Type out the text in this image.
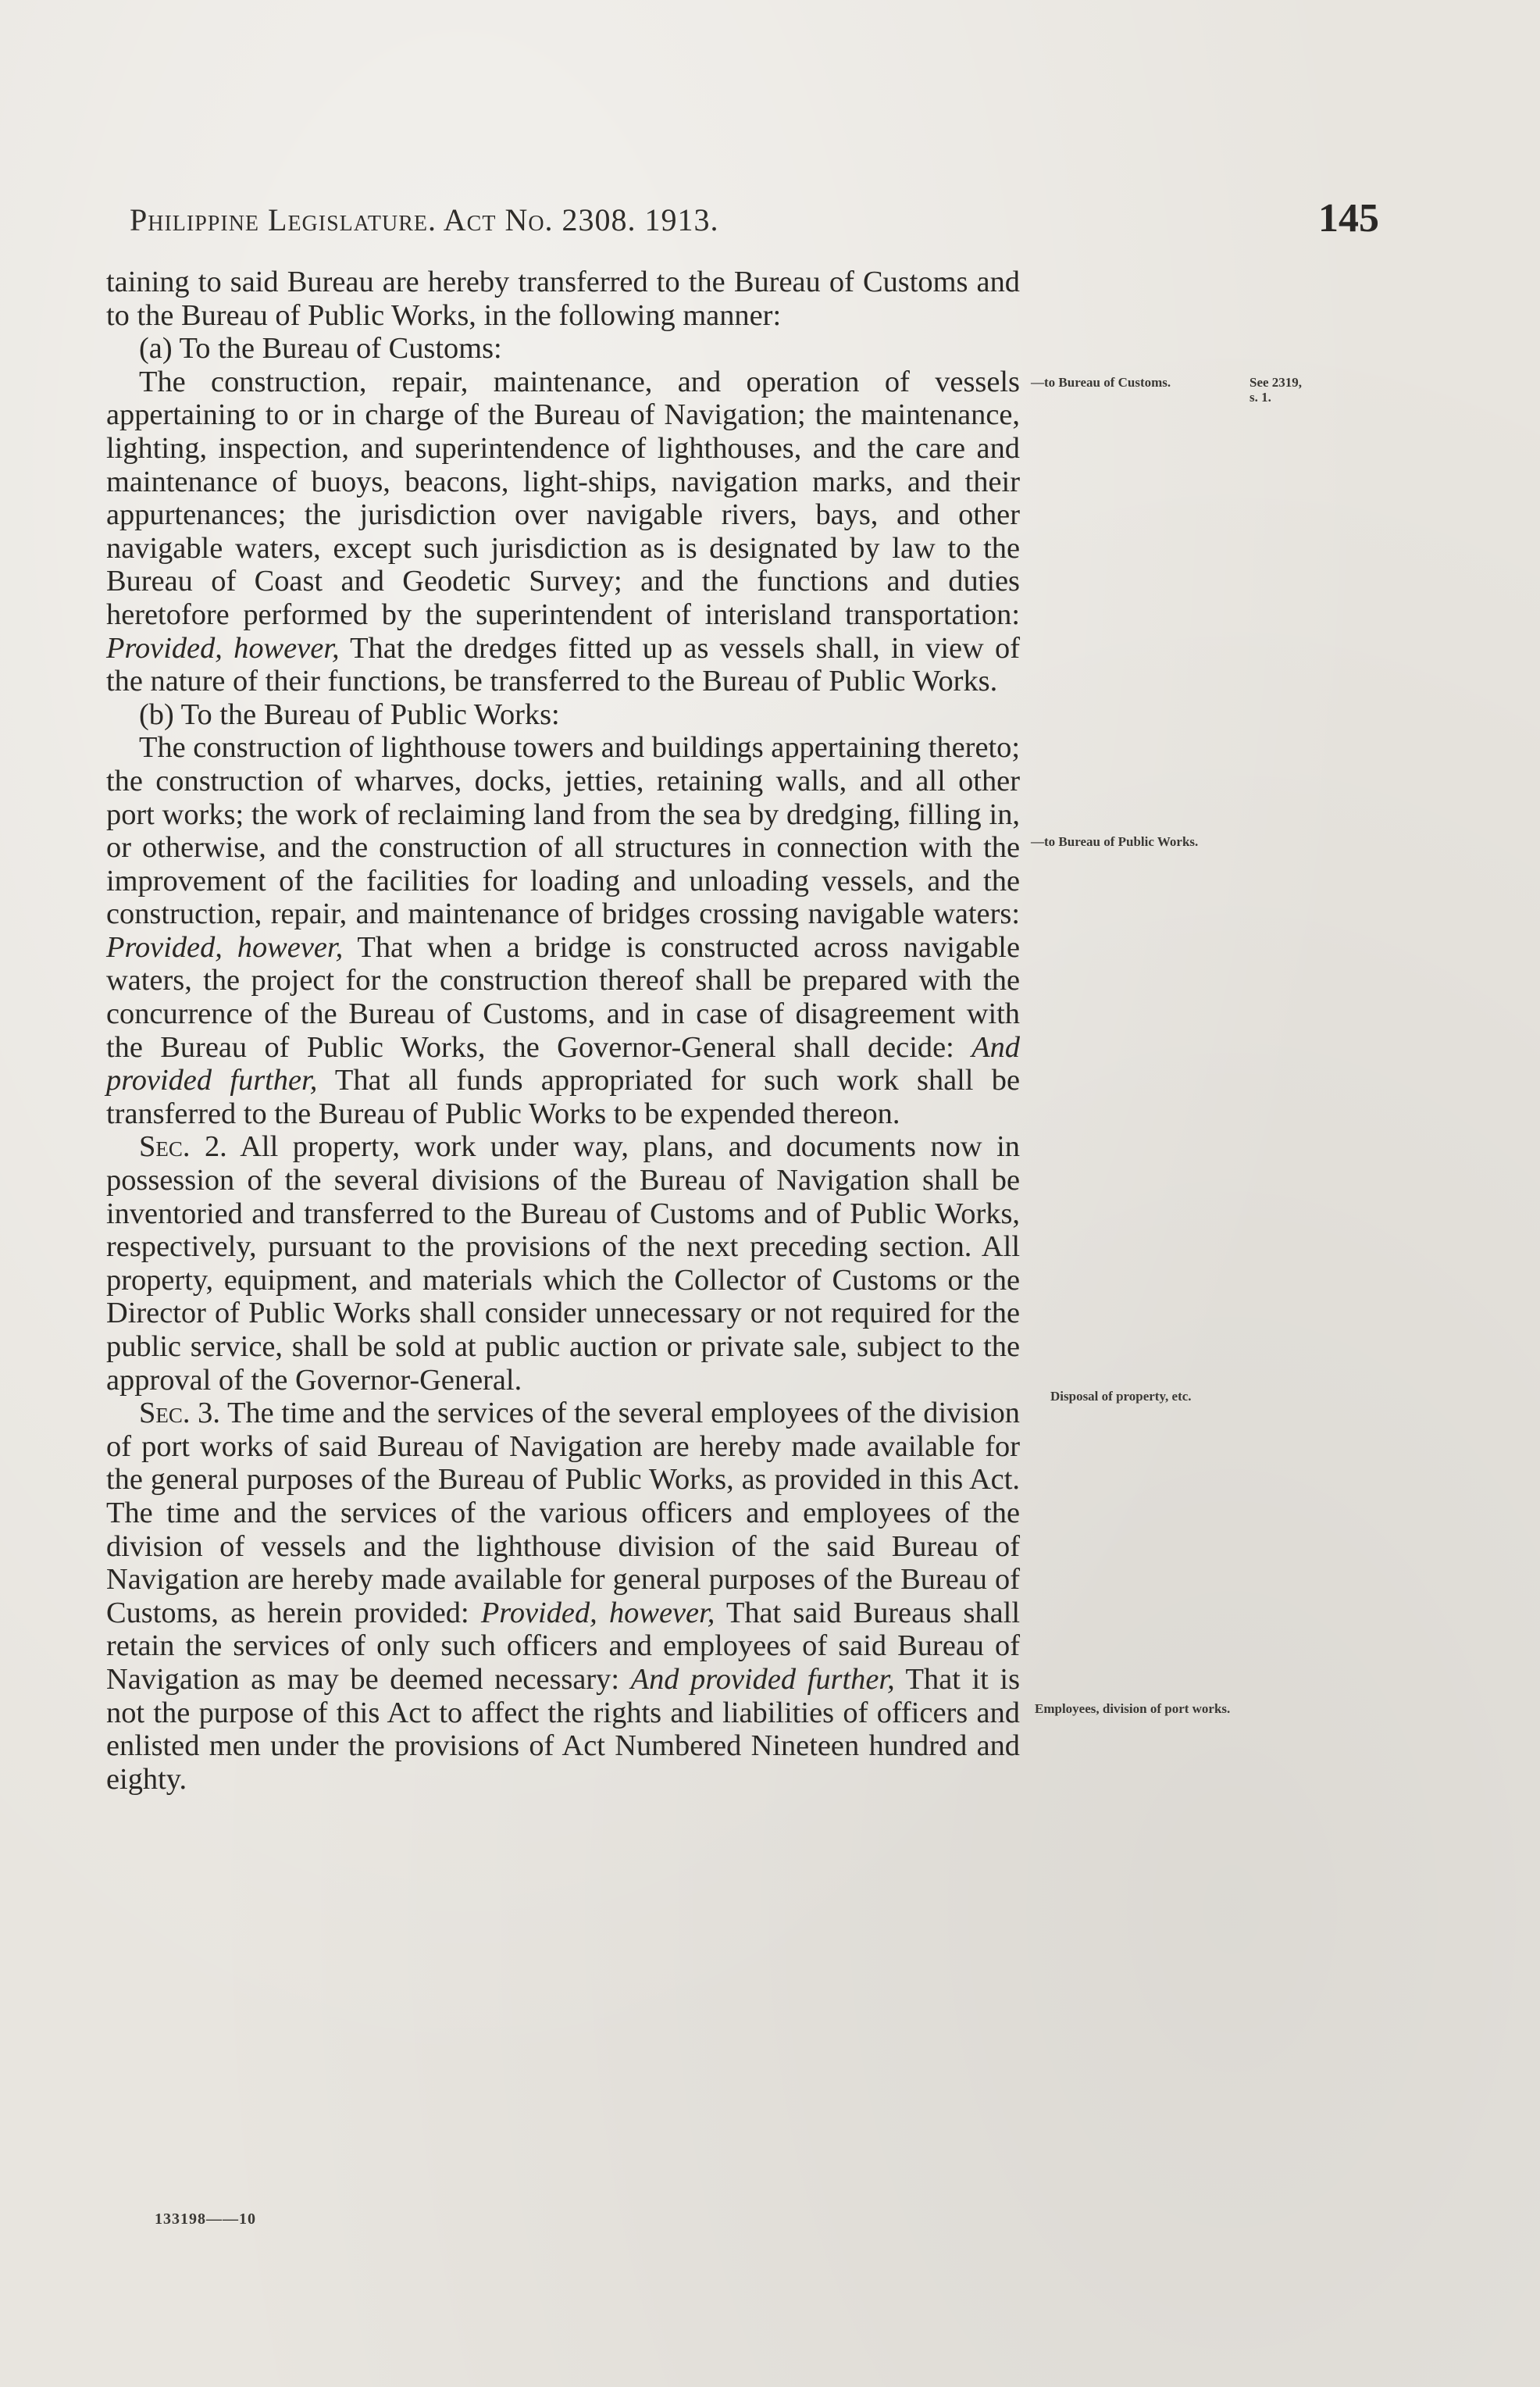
Philippine Legislature. Act No. 2308. 1913.	145

taining to said Bureau are hereby transferred to the Bureau of Customs and to the Bureau of Public Works, in the following manner:

(a) To the Bureau of Customs:

The construction, repair, maintenance, and operation of vessels appertaining to or in charge of the Bureau of Navigation; the maintenance, lighting, inspection, and superintendence of lighthouses, and the care and maintenance of buoys, beacons, light-ships, navigation marks, and their appurtenances; the jurisdiction over navigable rivers, bays, and other navigable waters, except such jurisdiction as is designated by law to the Bureau of Coast and Geodetic Survey; and the functions and duties heretofore performed by the superintendent of interisland transportation: Provided, however, That the dredges fitted up as vessels shall, in view of the nature of their functions, be transferred to the Bureau of Public Works.

(b) To the Bureau of Public Works:

The construction of lighthouse towers and buildings appertaining thereto; the construction of wharves, docks, jetties, retaining walls, and all other port works; the work of reclaiming land from the sea by dredging, filling in, or otherwise, and the construction of all structures in connection with the improvement of the facilities for loading and unloading vessels, and the construction, repair, and maintenance of bridges crossing navigable waters: Provided, however, That when a bridge is constructed across navigable waters, the project for the construction thereof shall be prepared with the concurrence of the Bureau of Customs, and in case of disagreement with the Bureau of Public Works, the Governor-General shall decide: And provided further, That all funds appropriated for such work shall be transferred to the Bureau of Public Works to be expended thereon.

Sec. 2. All property, work under way, plans, and documents now in possession of the several divisions of the Bureau of Navigation shall be inventoried and transferred to the Bureau of Customs and of Public Works, respectively, pursuant to the provisions of the next preceding section. All property, equipment, and materials which the Collector of Customs or the Director of Public Works shall consider unnecessary or not required for the public service, shall be sold at public auction or private sale, subject to the approval of the Governor-General.

Sec. 3. The time and the services of the several employees of the division of port works of said Bureau of Navigation are hereby made available for the general purposes of the Bureau of Public Works, as provided in this Act. The time and the services of the various officers and employees of the division of vessels and the lighthouse division of the said Bureau of Navigation are hereby made available for general purposes of the Bureau of Customs, as herein provided: Provided, however, That said Bureaus shall retain the services of only such officers and employees of said Bureau of Navigation as may be deemed necessary: And provided further, That it is not the purpose of this Act to affect the rights and liabilities of officers and enlisted men under the provisions of Act Numbered Nineteen hundred and eighty.

—to Bureau of Customs.	See 2319, s. 1.
—to Bureau of Public Works.
Disposal of property, etc.
Employees, division of port works.
133198——10
